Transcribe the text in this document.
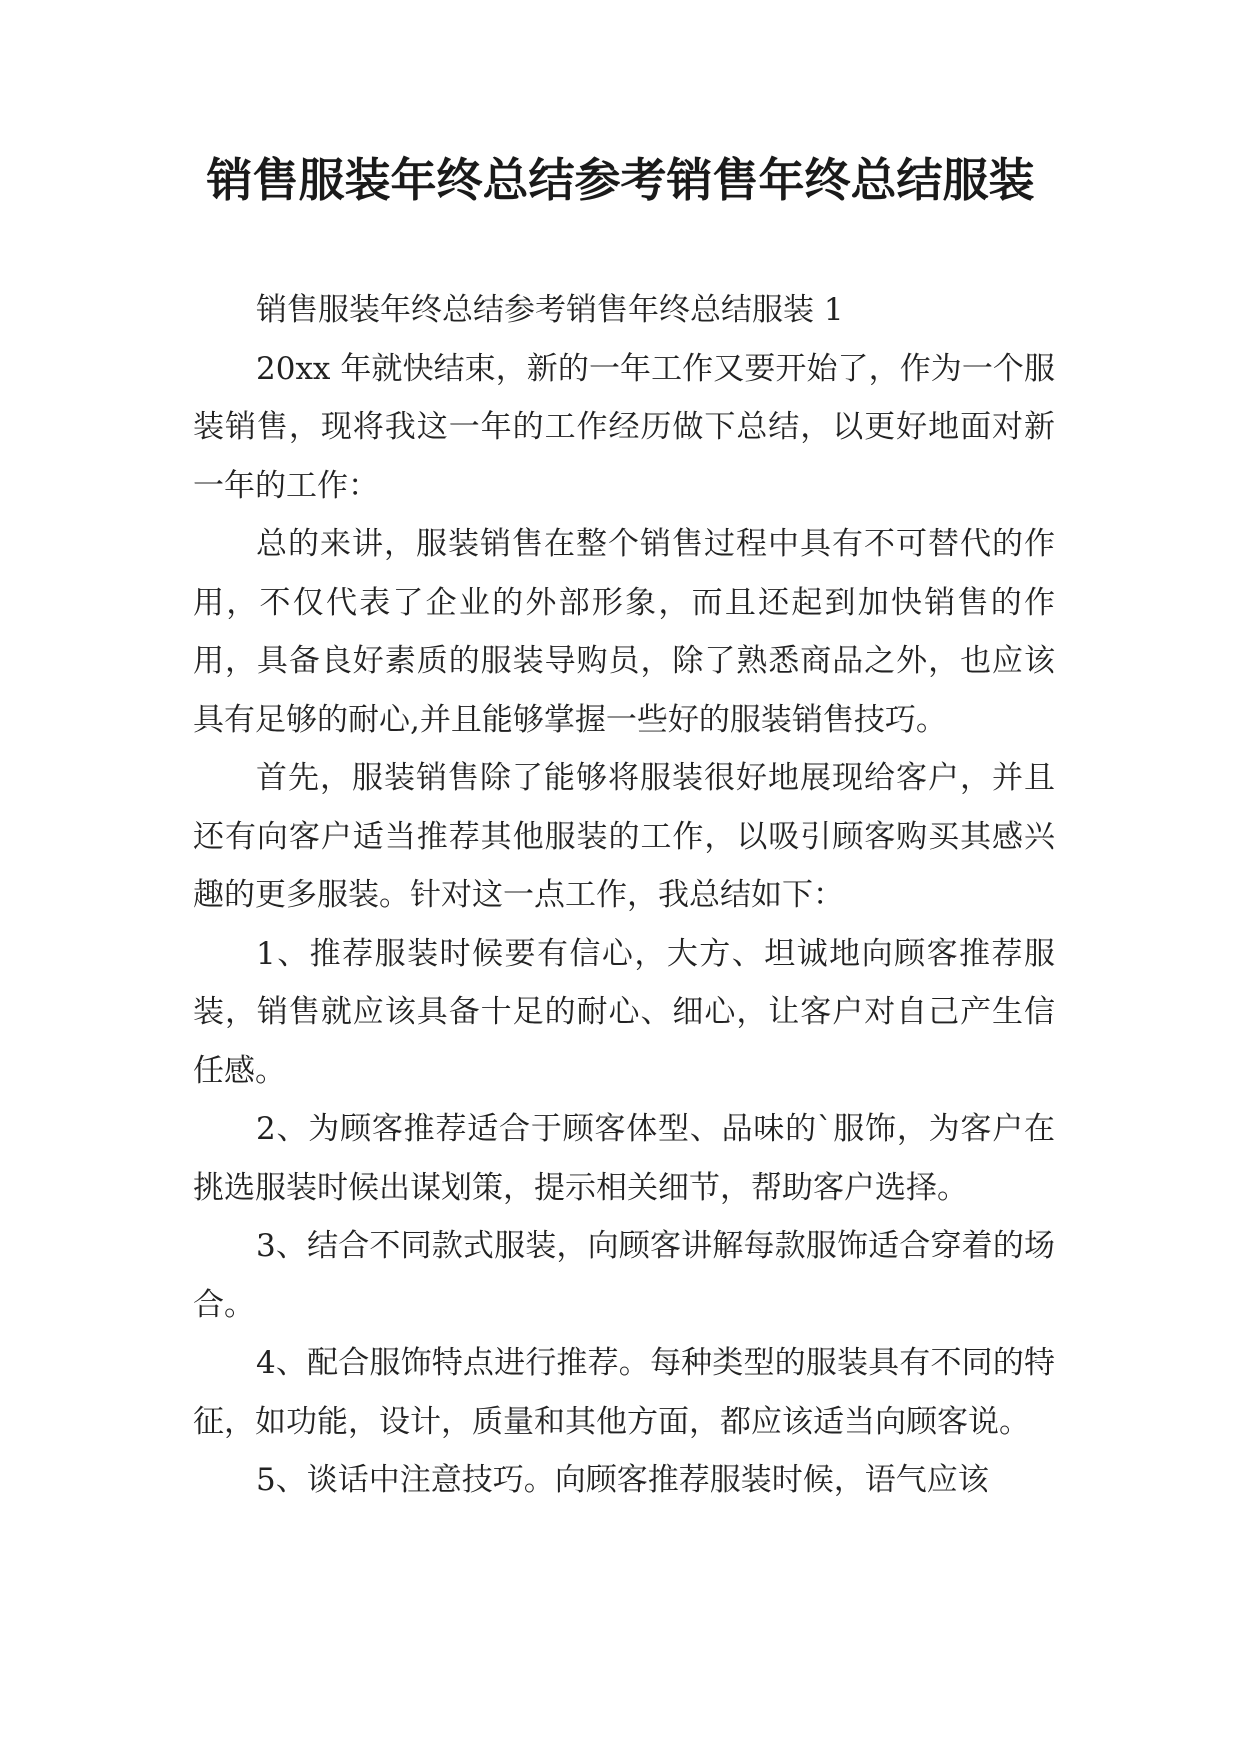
销售服装年终总结参考销售年终总结服装

销售服装年终总结参考销售年终总结服装 1

20xx 年就快结束，新的一年工作又要开始了，作为一个服装销售，现将我这一年的工作经历做下总结，以更好地面对新一年的工作：

总的来讲，服装销售在整个销售过程中具有不可替代的作用，不仅代表了企业的外部形象，而且还起到加快销售的作用，具备良好素质的服装导购员，除了熟悉商品之外，也应该具有足够的耐心,并且能够掌握一些好的服装销售技巧。

首先，服装销售除了能够将服装很好地展现给客户，并且还有向客户适当推荐其他服装的工作，以吸引顾客购买其感兴趣的更多服装。针对这一点工作，我总结如下：

1、推荐服装时候要有信心，大方、坦诚地向顾客推荐服装，销售就应该具备十足的耐心、细心，让客户对自己产生信任感。

2、为顾客推荐适合于顾客体型、品味的`服饰，为客户在挑选服装时候出谋划策，提示相关细节，帮助客户选择。

3、结合不同款式服装，向顾客讲解每款服饰适合穿着的场合。

4、配合服饰特点进行推荐。每种类型的服装具有不同的特征，如功能，设计，质量和其他方面，都应该适当向顾客说。

5、谈话中注意技巧。向顾客推荐服装时候，语气应该
